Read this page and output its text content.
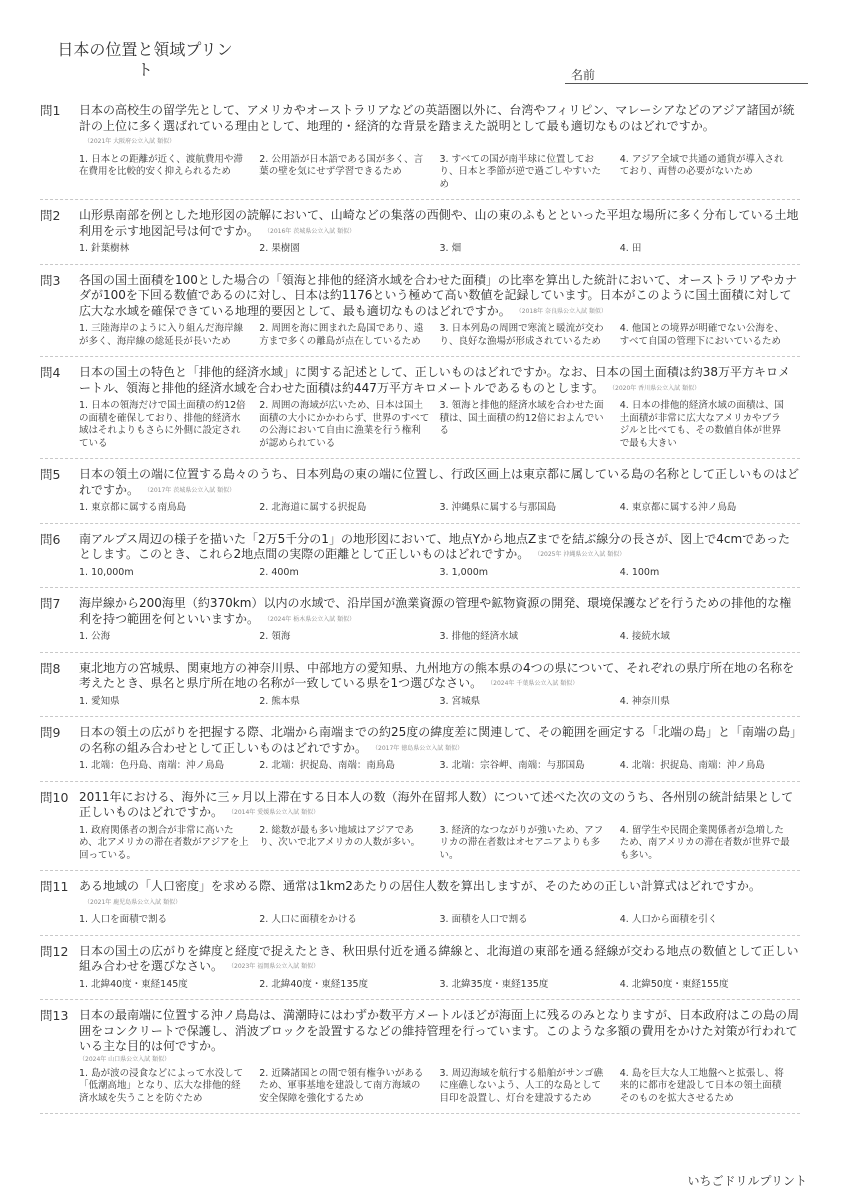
日本の位置と領域プリント	名前
問1 日本の高校生の留学先として、アメリカやオーストラリアなどの英語圏以外に、台湾やフィリピン、マレーシアなどのアジア諸国が統計の上位に多く選ばれている理由として、地理的・経済的な背景を踏まえた説明として最も適切なものはどれですか。（2021年 大阪府公立入試 類似）
1. 日本との距離が近く、渡航費用や滞在費用を比較的安く抑えられるため
2. 公用語が日本語である国が多く、言葉の壁を気にせず学習できるため
3. すべての国が南半球に位置しており、日本と季節が逆で過ごしやすいため
4. アジア全域で共通の通貨が導入されており、両替の必要がないため
問2 山形県南部を例とした地形図の読解において、山崎などの集落の西側や、山の東のふもとといった平坦な場所に多く分布している土地利用を示す地図記号は何ですか。 （2016年 茨城県公立入試 類似）
1. 針葉樹林	2. 果樹園	3. 畑	4. 田
問3 各国の国土面積を100とした場合の「領海と排他的経済水域を合わせた面積」の比率を算出した統計において、オーストラリアやカナダが100を下回る数値であるのに対し、日本は約1176という極めて高い数値を記録しています。日本がこのように国土面積に対して広大な水域を確保できている地理的要因として、最も適切なものはどれですか。 （2018年 奈良県公立入試 類似）
1. 三陸海岸のように入り組んだ海岸線が多く、海岸線の総延長が長いため
2. 周囲を海に囲まれた島国であり、遠方まで多くの離島が点在しているため
3. 日本列島の周囲で寒流と暖流が交わり、良好な漁場が形成されているため
4. 他国との境界が明確でない公海を、すべて自国の管理下においているため
問4 日本の国土の特色と「排他的経済水域」に関する記述として、正しいものはどれですか。なお、日本の国土面積は約38万平方キロメートル、領海と排他的経済水域を合わせた面積は約447万平方キロメートルであるものとします。 （2020年 香川県公立入試 類似）
1. 日本の領海だけで国土面積の約12倍の面積を確保しており、排他的経済水域はそれよりもさらに外側に設定されている
2. 周囲の海域が広いため、日本は国土面積の大小にかかわらず、世界のすべての公海において自由に漁業を行う権利が認められている
3. 領海と排他的経済水域を合わせた面積は、国土面積の約12倍におよんでいる
4. 日本の排他的経済水域の面積は、国土面積が非常に広大なアメリカやブラジルと比べても、その数値自体が世界で最も大きい
問5 日本の領土の端に位置する島々のうち、日本列島の東の端に位置し、行政区画上は東京都に属している島の名称として正しいものはどれですか。 （2017年 茨城県公立入試 類似）
1. 東京都に属する南鳥島	2. 北海道に属する択捉島	3. 沖縄県に属する与那国島	4. 東京都に属する沖ノ鳥島
問6 南アルプス周辺の様子を描いた「2万5千分の1」の地形図において、地点Yから地点Zまでを結ぶ線分の長さが、図上で4cmであったとします。このとき、これら2地点間の実際の距離として正しいものはどれですか。 （2025年 沖縄県公立入試 類似）
1. 10,000m	2. 400m	3. 1,000m	4. 100m
問7 海岸線から200海里（約370km）以内の水域で、沿岸国が漁業資源の管理や鉱物資源の開発、環境保護などを行うための排他的な権利を持つ範囲を何といいますか。 （2024年 栃木県公立入試 類似）
1. 公海	2. 領海	3. 排他的経済水域	4. 接続水域
問8 東北地方の宮城県、関東地方の神奈川県、中部地方の愛知県、九州地方の熊本県の4つの県について、それぞれの県庁所在地の名称を考えたとき、県名と県庁所在地の名称が一致している県を1つ選びなさい。 （2024年 千葉県公立入試 類似）
1. 愛知県	2. 熊本県	3. 宮城県	4. 神奈川県
問9 日本の領土の広がりを把握する際、北端から南端までの約25度の緯度差に関連して、その範囲を画定する「北端の島」と「南端の島」の名称の組み合わせとして正しいものはどれですか。 （2017年 徳島県公立入試 類似）
1. 北端：色丹島、南端：沖ノ鳥島	2. 北端：択捉島、南端：南鳥島	3. 北端：宗谷岬、南端：与那国島	4. 北端：択捉島、南端：沖ノ鳥島
問10 2011年における、海外に三ヶ月以上滞在する日本人の数（海外在留邦人数）について述べた次の文のうち、各州別の統計結果として正しいものはどれですか。 （2014年 愛媛県公立入試 類似）
1. 政府関係者の割合が非常に高いため、北アメリカの滞在者数がアジアを上回っている。
2. 総数が最も多い地域はアジアであり、次いで北アメリカの人数が多い。
3. 経済的なつながりが強いため、アフリカの滞在者数はオセアニアよりも多い。
4. 留学生や民間企業関係者が急増したため、南アメリカの滞在者数が世界で最も多い。
問11 ある地域の「人口密度」を求める際、通常は1km2あたりの居住人数を算出しますが、そのための正しい計算式はどれですか。（2021年 鹿児島県公立入試 類似）
1. 人口を面積で割る	2. 人口に面積をかける	3. 面積を人口で割る	4. 人口から面積を引く
問12 日本の国土の広がりを緯度と経度で捉えたとき、秋田県付近を通る緯線と、北海道の東部を通る経線が交わる地点の数値として正しい組み合わせを選びなさい。 （2023年 福岡県公立入試 類似）
1. 北緯40度・東経145度	2. 北緯40度・東経135度	3. 北緯35度・東経135度	4. 北緯50度・東経155度
問13 日本の最南端に位置する沖ノ鳥島は、満潮時にはわずか数平方メートルほどが海面上に残るのみとなりますが、日本政府はこの島の周囲をコンクリートで保護し、消波ブロックを設置するなどの維持管理を行っています。このような多額の費用をかけた対策が行われている主な目的は何ですか。
（2024年 山口県公立入試 類似）
1. 島が波の浸食などによって水没して「低潮高地」となり、広大な排他的経済水域を失うことを防ぐため
2. 近隣諸国との間で領有権争いがあるため、軍事基地を建設して南方海域の安全保障を強化するため
3. 周辺海域を航行する船舶がサンゴ礁に座礁しないよう、人工的な島として目印を設置し、灯台を建設するため
4. 島を巨大な人工地盤へと拡張し、将来的に都市を建設して日本の領土面積そのものを拡大させるため
いちごドリルプリント
